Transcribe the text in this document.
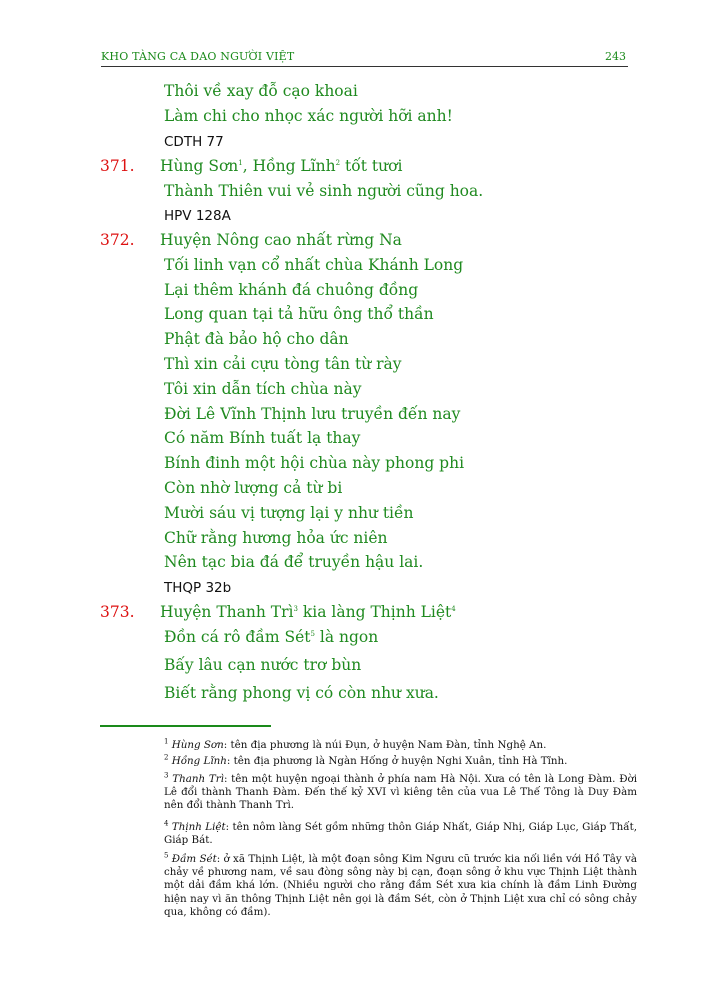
KHO TÀNG CA DAO NGƯỜI VIỆT	243
Thôi về xay đỗ cạo khoai
Làm chi cho nhọc xác người hỡi anh!
CDTH 77
371. Hùng Sơn$^1$, Hồng Lĩnh$^2$ tốt tươi
Thành Thiên vui vẻ sinh người cũng hoa.
HPV 128A
372. Huyện Nông cao nhất rừng Na
Tối linh vạn cổ nhất chùa Khánh Long
Lại thêm khánh đá chuông đồng
Long quan tại tả hữu ông thổ thần
Phật đà bảo hộ cho dân
Thì xin cải cựu tòng tân từ rày
Tôi xin dẫn tích chùa này
Đời Lê Vĩnh Thịnh lưu truyền đến nay
Có năm Bính tuất lạ thay
Bính đinh một hội chùa này phong phi
Còn nhờ lượng cả từ bi
Mười sáu vị tượng lại y như tiền
Chữ rằng hương hỏa ức niên
Nên tạc bia đá để truyền hậu lai.
THQP 32b
373. Huyện Thanh Trì$^3$ kia làng Thịnh Liệt$^4$
Đồn cá rô đầm Sét$^5$ là ngon
Bấy lâu cạn nước trơ bùn
Biết rằng phong vị có còn như xưa.
$^1$ Hùng Sơn: tên địa phương là núi Đụn, ở huyện Nam Đàn, tỉnh Nghệ An.
$^2$ Hồng Lĩnh: tên địa phương là Ngàn Hống ở huyện Nghi Xuân, tỉnh Hà Tĩnh.
$^3$ Thanh Trì: tên một huyện ngoại thành ở phía nam Hà Nội. Xưa có tên là Long Đàm. Đời Lê đổi thành Thanh Đàm. Đến thế kỷ XVI vì kiêng tên của vua Lê Thế Tông là Duy Đàm nên đổi thành Thanh Trì.
$^4$ Thịnh Liệt: tên nôm làng Sét gồm những thôn Giáp Nhất, Giáp Nhị, Giáp Lục, Giáp Thất, Giáp Bát.
$^5$ Đầm Sét: ở xã Thịnh Liệt, là một đoạn sông Kim Ngưu cũ trước kia nối liền với Hồ Tây và chảy về phương nam, về sau đòng sông này bị cạn, đoạn sông ở khu vực Thịnh Liệt thành một dải đầm khá lớn. (Nhiều người cho rằng đầm Sét xưa kia chính là đầm Linh Đường hiện nay vì ăn thông Thịnh Liệt nên gọi là đầm Sét, còn ở Thịnh Liệt xưa chỉ có sông chảy qua, không có đầm).
